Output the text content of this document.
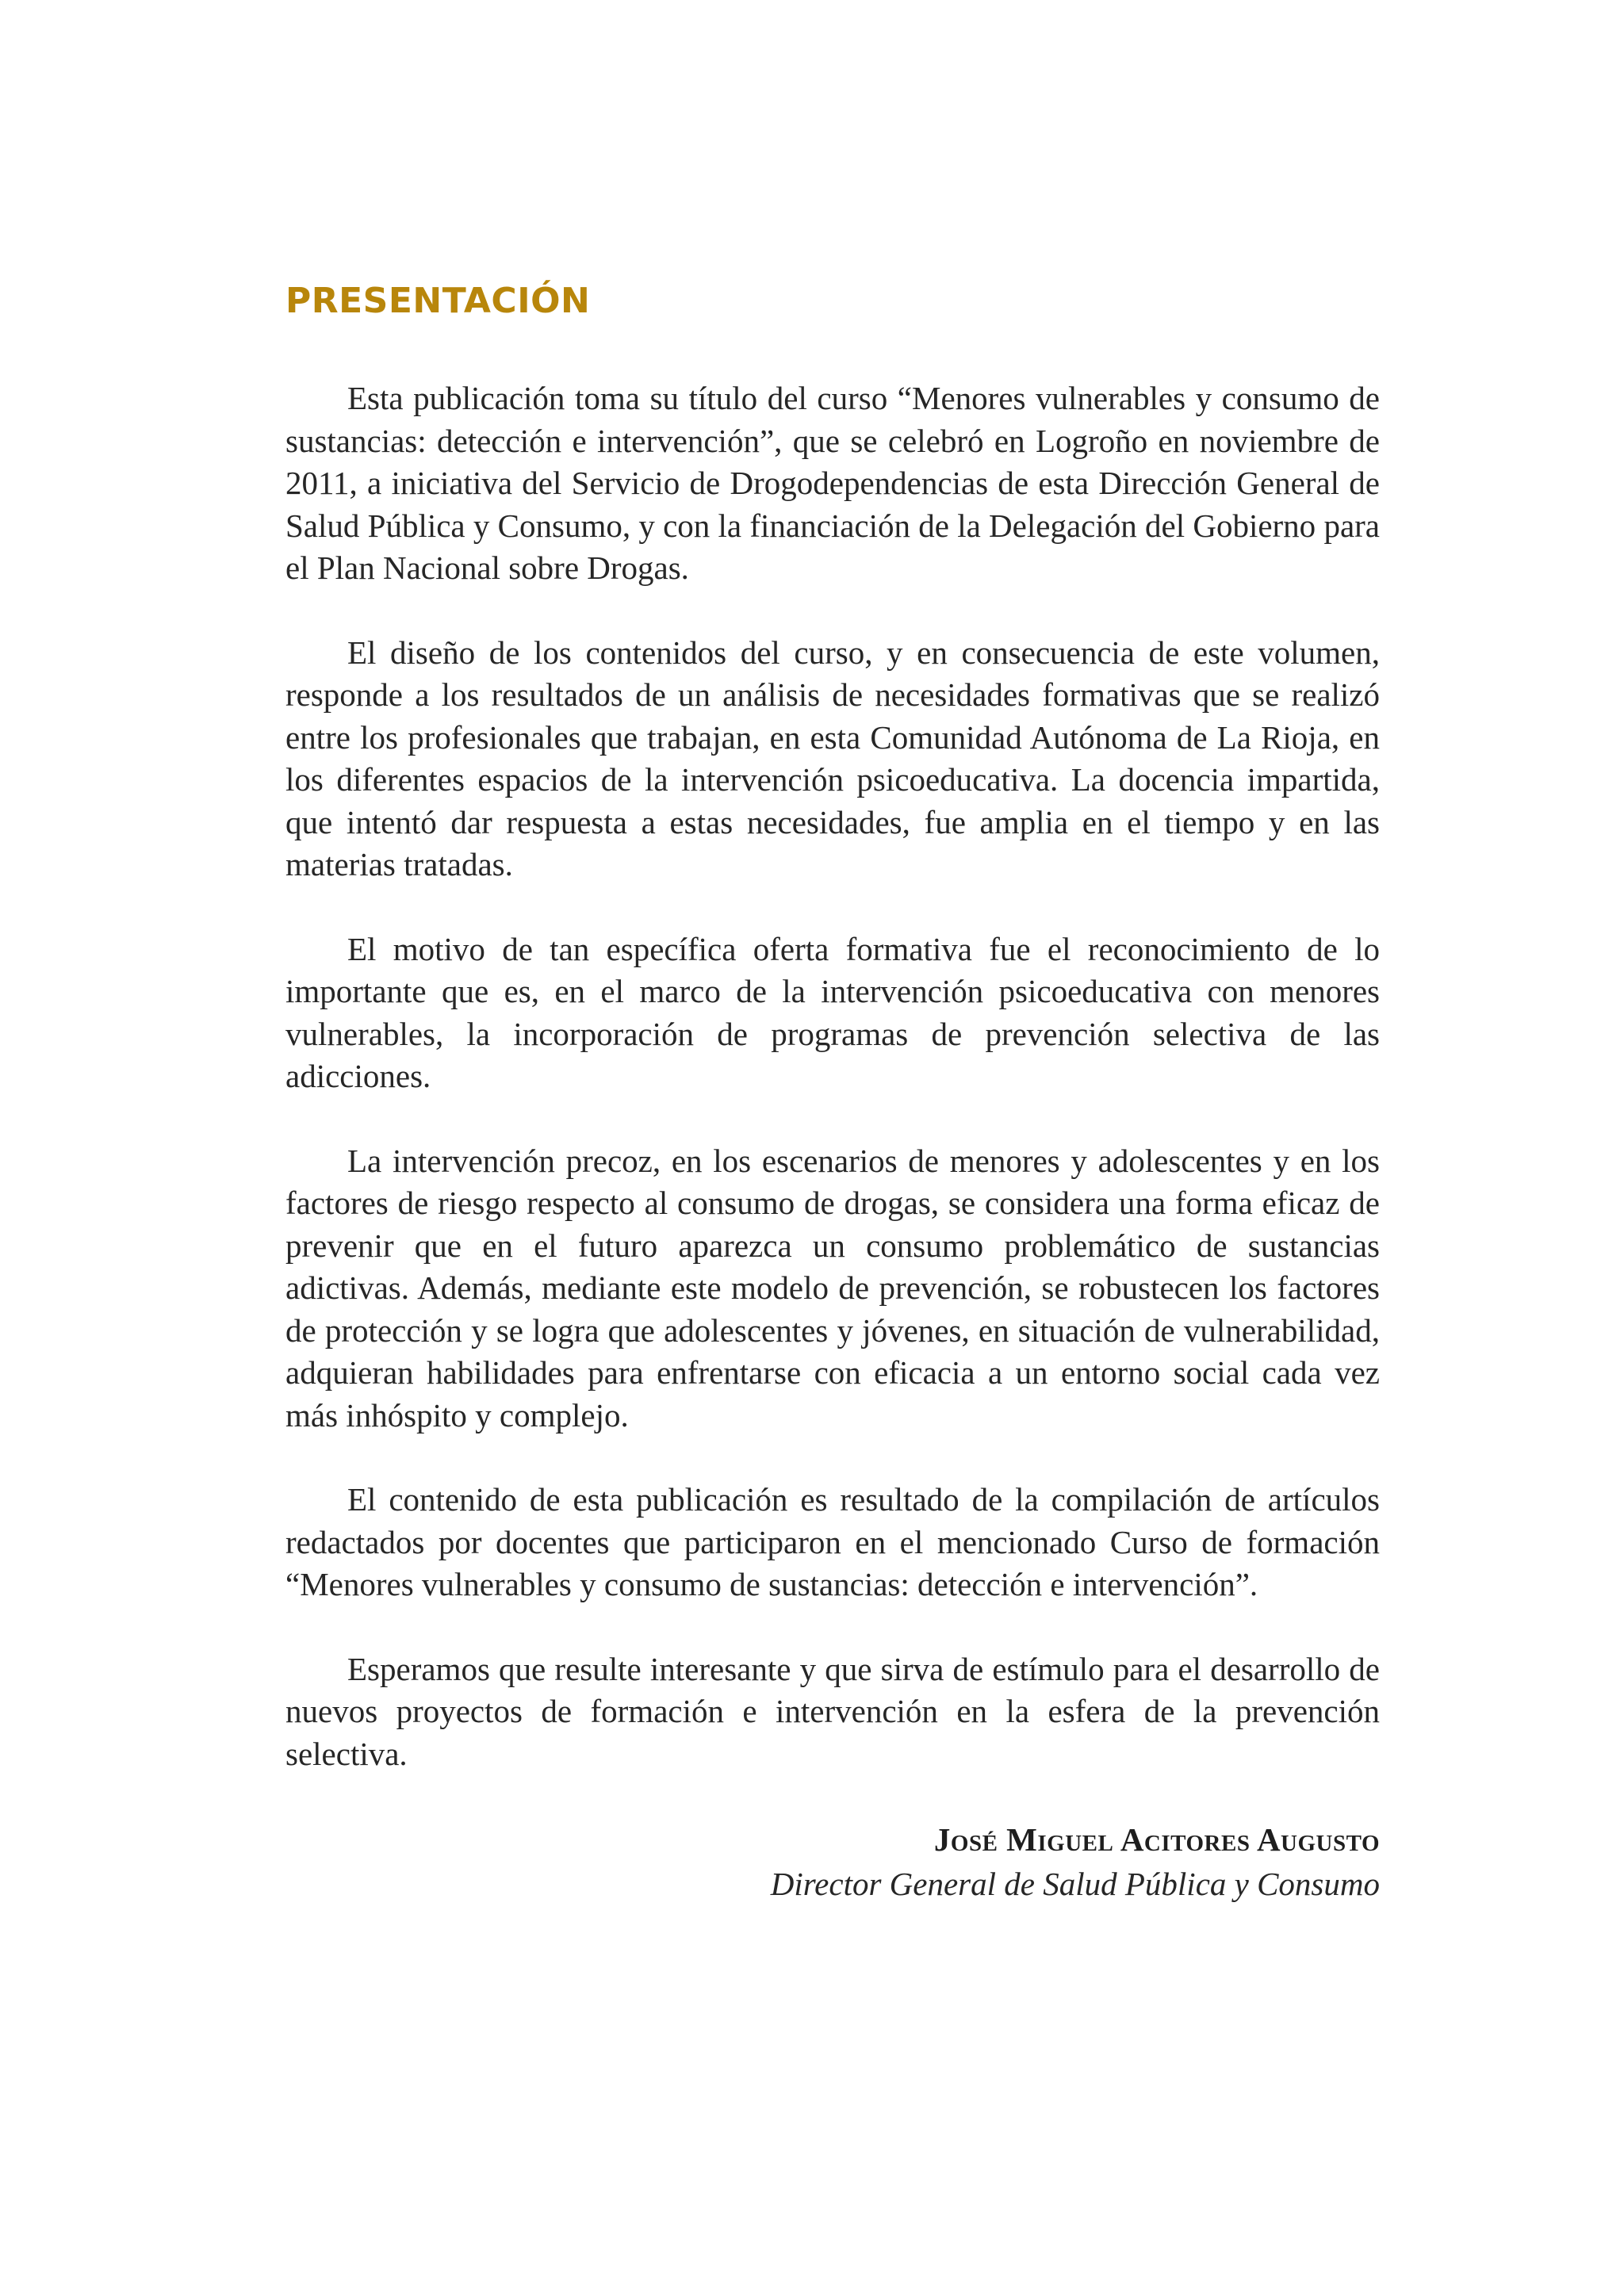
PRESENTACIÓN

Esta publicación toma su título del curso “Menores vulnerables y consumo de sustancias: detección e intervención”, que se celebró en Logroño en noviembre de 2011, a iniciativa del Servicio de Drogodependencias de esta Dirección General de Salud Pública y Consumo, y con la financiación de la Delegación del Gobierno para el Plan Nacional sobre Drogas.

El diseño de los contenidos del curso, y en consecuencia de este volumen, responde a los resultados de un análisis de necesidades formativas que se realizó entre los profesionales que trabajan, en esta Comunidad Autónoma de La Rioja, en los diferentes espacios de la intervención psicoeducativa. La docencia impartida, que intentó dar respuesta a estas necesidades, fue amplia en el tiempo y en las materias tratadas.

El motivo de tan específica oferta formativa fue el reconocimiento de lo importante que es, en el marco de la intervención psicoeducativa con menores vulnerables, la incorporación de programas de prevención selectiva de las adicciones.

La intervención precoz, en los escenarios de menores y adolescentes y en los factores de riesgo respecto al consumo de drogas, se considera una forma eficaz de prevenir que en el futuro aparezca un consumo problemático de sustancias adictivas. Además, mediante este modelo de prevención, se robustecen los factores de protección y se logra que adolescentes y jóvenes, en situación de vulnerabilidad, adquieran habilidades para enfrentarse con eficacia a un entorno social cada vez más inhóspito y complejo.

El contenido de esta publicación es resultado de la compilación de artículos redactados por docentes que participaron en el mencionado Curso de formación “Menores vulnerables y consumo de sustancias: detección e intervención”.

Esperamos que resulte interesante y que sirva de estímulo para el desarrollo de nuevos proyectos de formación e intervención en la esfera de la prevención selectiva.

José Miguel Acitores Augusto
Director General de Salud Pública y Consumo
